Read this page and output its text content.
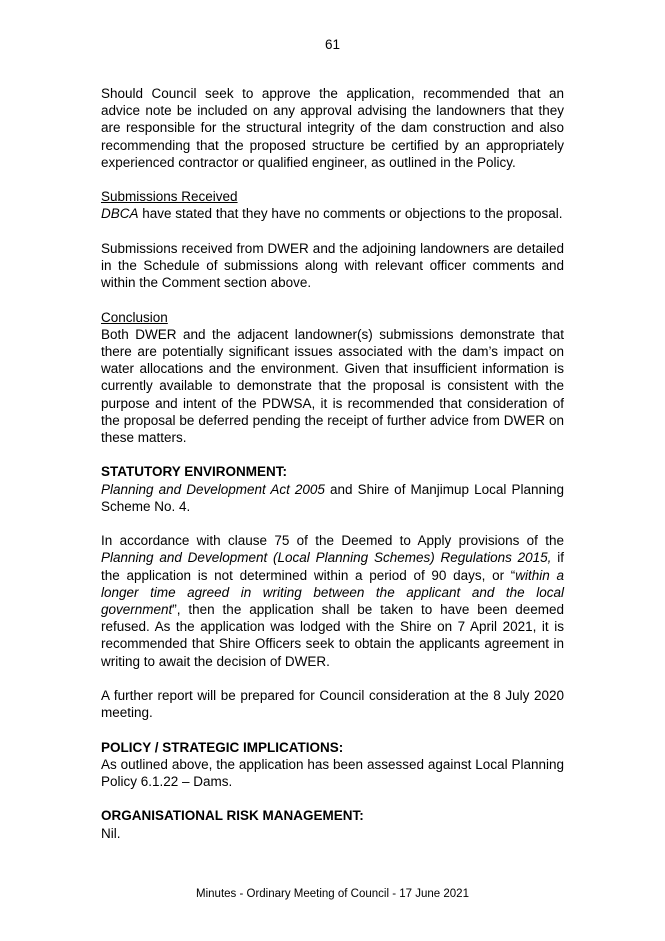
61

Should Council seek to approve the application, recommended that an advice note be included on any approval advising the landowners that they are responsible for the structural integrity of the dam construction and also recommending that the proposed structure be certified by an appropriately experienced contractor or qualified engineer, as outlined in the Policy.

Submissions Received

DBCA have stated that they have no comments or objections to the proposal.

Submissions received from DWER and the adjoining landowners are detailed in the Schedule of submissions along with relevant officer comments and within the Comment section above.

Conclusion

Both DWER and the adjacent landowner(s) submissions demonstrate that there are potentially significant issues associated with the dam’s impact on water allocations and the environment. Given that insufficient information is currently available to demonstrate that the proposal is consistent with the purpose and intent of the PDWSA, it is recommended that consideration of the proposal be deferred pending the receipt of further advice from DWER on these matters.

STATUTORY ENVIRONMENT:

Planning and Development Act 2005 and Shire of Manjimup Local Planning Scheme No. 4.

In accordance with clause 75 of the Deemed to Apply provisions of the Planning and Development (Local Planning Schemes) Regulations 2015, if the application is not determined within a period of 90 days, or “within a longer time agreed in writing between the applicant and the local government”, then the application shall be taken to have been deemed refused. As the application was lodged with the Shire on 7 April 2021, it is recommended that Shire Officers seek to obtain the applicants agreement in writing to await the decision of DWER.

A further report will be prepared for Council consideration at the 8 July 2020 meeting.

POLICY / STRATEGIC IMPLICATIONS:

As outlined above, the application has been assessed against Local Planning Policy 6.1.22 – Dams.

ORGANISATIONAL RISK MANAGEMENT:

Nil.

Minutes - Ordinary Meeting of Council - 17 June 2021
